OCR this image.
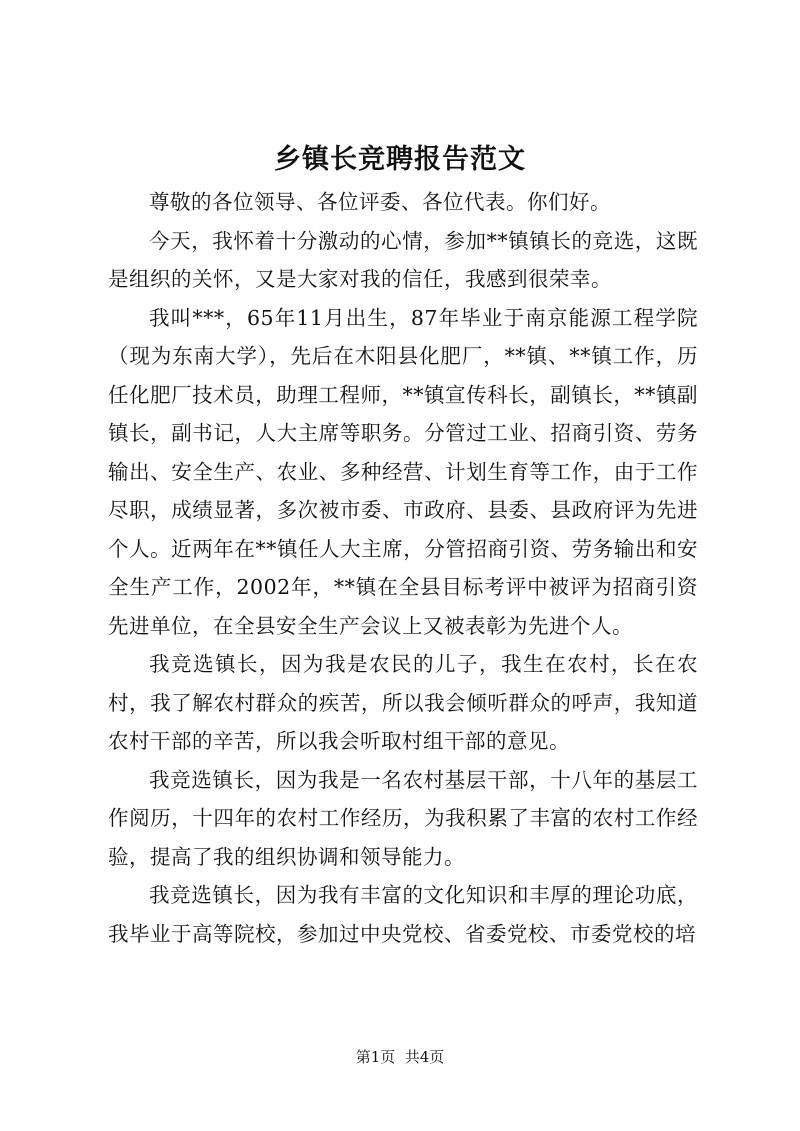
乡镇长竞聘报告范文

尊敬的各位领导、各位评委、各位代表。你们好。

今天，我怀着十分激动的心情，参加**镇镇长的竞选，这既是组织的关怀，又是大家对我的信任，我感到很荣幸。

我叫***，65年11月出生，87年毕业于南京能源工程学院（现为东南大学），先后在木阳县化肥厂，**镇、**镇工作，历任化肥厂技术员，助理工程师，**镇宣传科长，副镇长，**镇副镇长，副书记，人大主席等职务。分管过工业、招商引资、劳务输出、安全生产、农业、多种经营、计划生育等工作，由于工作尽职，成绩显著，多次被市委、市政府、县委、县政府评为先进个人。近两年在**镇任人大主席，分管招商引资、劳务输出和安全生产工作，2002年，**镇在全县目标考评中被评为招商引资先进单位，在全县安全生产会议上又被表彰为先进个人。

我竞选镇长，因为我是农民的儿子，我生在农村，长在农村，我了解农村群众的疾苦，所以我会倾听群众的呼声，我知道农村干部的辛苦，所以我会听取村组干部的意见。

我竞选镇长，因为我是一名农村基层干部，十八年的基层工作阅历，十四年的农村工作经历，为我积累了丰富的农村工作经验，提高了我的组织协调和领导能力。

我竞选镇长，因为我有丰富的文化知识和丰厚的理论功底，我毕业于高等院校，参加过中央党校、省委党校、市委党校的培

第1页  共4页
